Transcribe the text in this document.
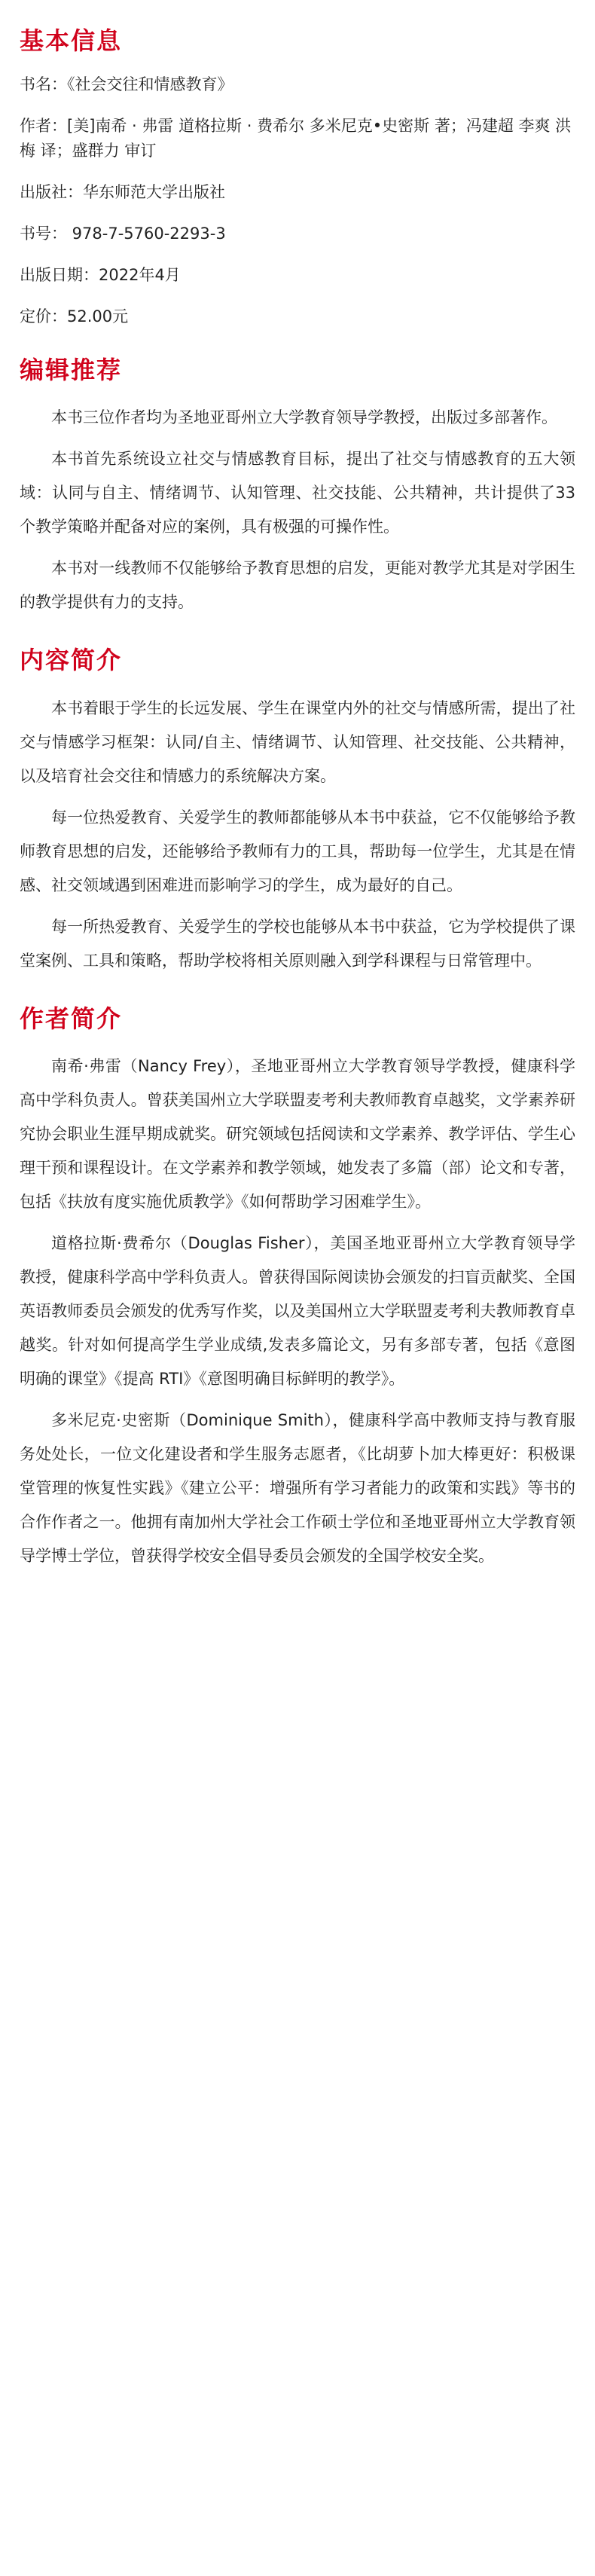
基本信息

书名：《社会交往和情感教育》

作者：[美]南希 · 弗雷 道格拉斯 · 费希尔 多米尼克•史密斯 著；冯建超 李爽 洪梅 译；盛群力 审订

出版社：华东师范大学出版社

书号： 978-7-5760-2293-3

出版日期：2022年4月

定价：52.00元

编辑推荐

本书三位作者均为圣地亚哥州立大学教育领导学教授，出版过多部著作。

本书首先系统设立社交与情感教育目标，提出了社交与情感教育的五大领域：认同与自主、情绪调节、认知管理、社交技能、公共精神，共计提供了33 个教学策略并配备对应的案例，具有极强的可操作性。

本书对一线教师不仅能够给予教育思想的启发，更能对教学尤其是对学困生的教学提供有力的支持。

内容简介

本书着眼于学生的长远发展、学生在课堂内外的社交与情感所需，提出了社交与情感学习框架：认同/自主、情绪调节、认知管理、社交技能、公共精神，以及培育社会交往和情感力的系统解决方案。

每一位热爱教育、关爱学生的教师都能够从本书中获益，它不仅能够给予教师教育思想的启发，还能够给予教师有力的工具，帮助每一位学生，尤其是在情感、社交领域遇到困难进而影响学习的学生，成为最好的自己。

每一所热爱教育、关爱学生的学校也能够从本书中获益，它为学校提供了课堂案例、工具和策略，帮助学校将相关原则融入到学科课程与日常管理中。

作者简介

南希·弗雷（Nancy Frey），圣地亚哥州立大学教育领导学教授，健康科学高中学科负责人。曾获美国州立大学联盟麦考利夫教师教育卓越奖，文学素养研究协会职业生涯早期成就奖。研究领域包括阅读和文学素养、教学评估、学生心理干预和课程设计。在文学素养和教学领域，她发表了多篇（部）论文和专著，包括《扶放有度实施优质教学》《如何帮助学习困难学生》。

道格拉斯·费希尔（Douglas Fisher），美国圣地亚哥州立大学教育领导学教授，健康科学高中学科负责人。曾获得国际阅读协会颁发的扫盲贡献奖、全国英语教师委员会颁发的优秀写作奖，以及美国州立大学联盟麦考利夫教师教育卓越奖。针对如何提高学生学业成绩,发表多篇论文，另有多部专著，包括《意图明确的课堂》《提高 RTI》《意图明确目标鲜明的教学》。

多米尼克·史密斯（Dominique Smith），健康科学高中教师支持与教育服务处处长，一位文化建设者和学生服务志愿者，《比胡萝卜加大棒更好：积极课堂管理的恢复性实践》《建立公平：增强所有学习者能力的政策和实践》等书的合作作者之一。他拥有南加州大学社会工作硕士学位和圣地亚哥州立大学教育领导学博士学位，曾获得学校安全倡导委员会颁发的全国学校安全奖。
